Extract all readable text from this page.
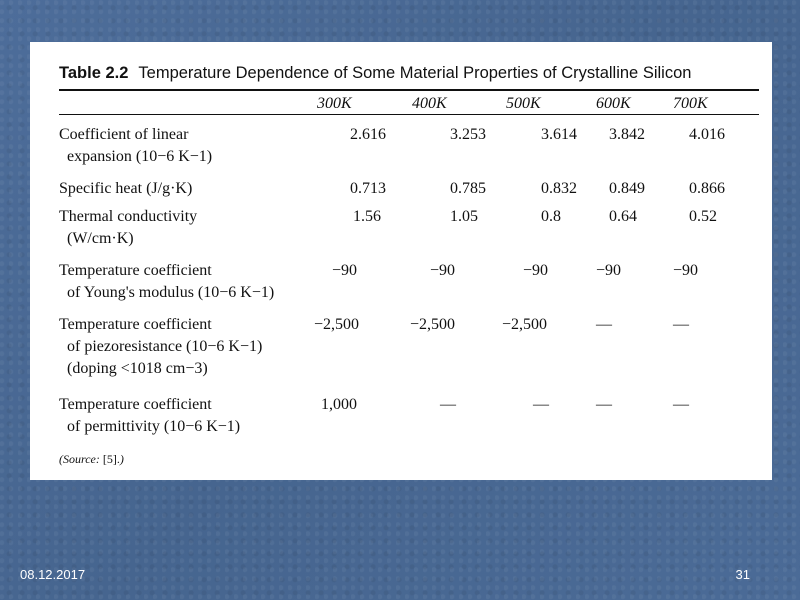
Table 2.2 Temperature Dependence of Some Material Properties of Crystalline Silicon
300K	400K	500K	600K	700K
Coefficient of linear
expansion (10−6 K−1)
2.616	3.253	3.614 3.842	4.016
Specific heat (J/g·K)	0.713	0.785	0.832 0.849	0.866
Thermal conductivity
(W/cm·K)
1.56	1.05	0.8	0.64	0.52
Temperature coefficient
of Young's modulus (10−6 K−1)
−90	−90	−90	−90	−90
Temperature coefficient
of piezoresistance (10−6 K−1)
(doping <1018 cm−3)
−2,500	−2,500	−2,500	—	—
Temperature coefficient
of permittivity (10−6 K−1)
1,000	—	—	—	—
(Source: [5].)
08.12.2017	31
